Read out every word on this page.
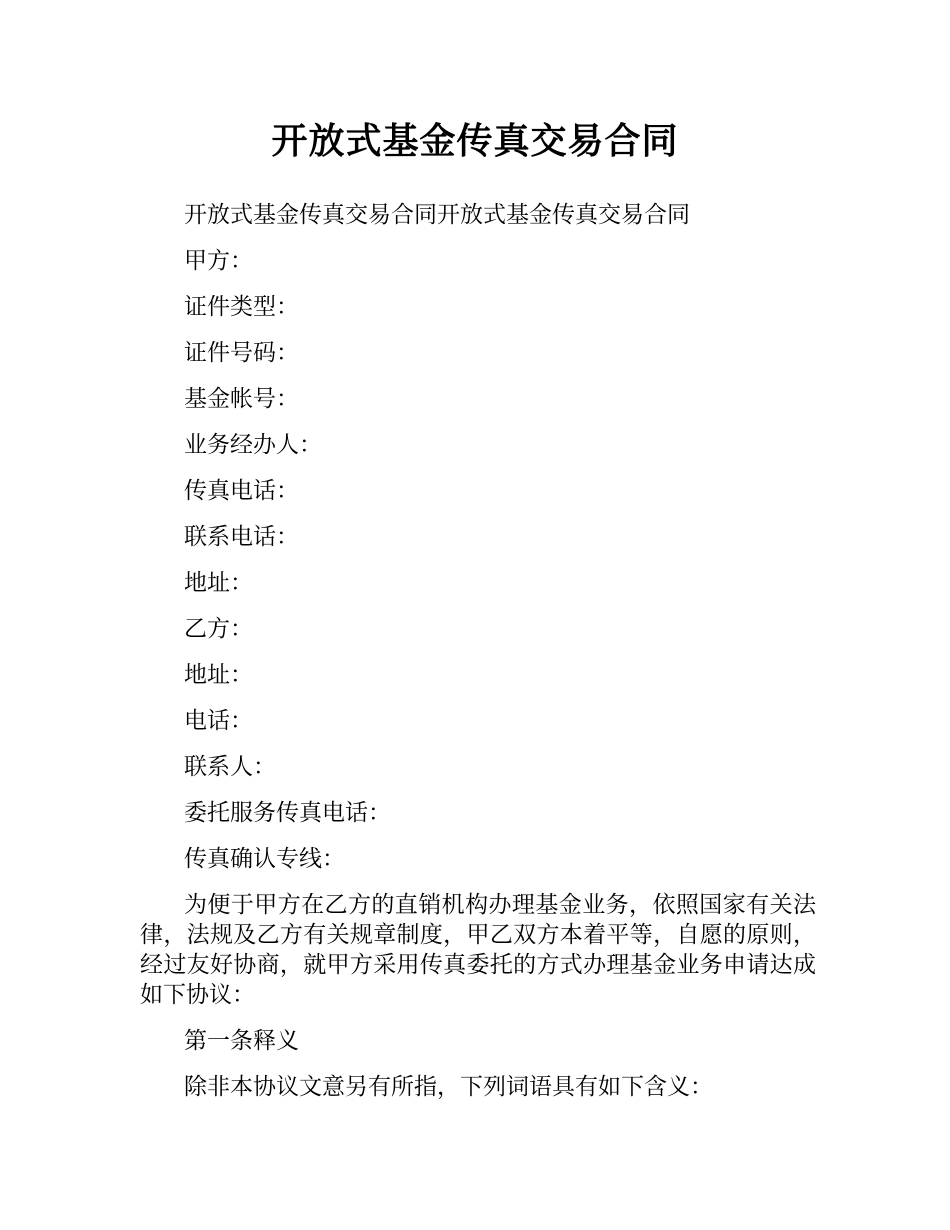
开放式基金传真交易合同

开放式基金传真交易合同开放式基金传真交易合同

甲方：

证件类型：

证件号码：

基金帐号：

业务经办人：

传真电话：

联系电话：

地址：

乙方：

地址：

电话：

联系人：

委托服务传真电话：

传真确认专线：

为便于甲方在乙方的直销机构办理基金业务，依照国家有关法律，法规及乙方有关规章制度，甲乙双方本着平等，自愿的原则，经过友好协商，就甲方采用传真委托的方式办理基金业务申请达成如下协议：

第一条释义

除非本协议文意另有所指，下列词语具有如下含义：
